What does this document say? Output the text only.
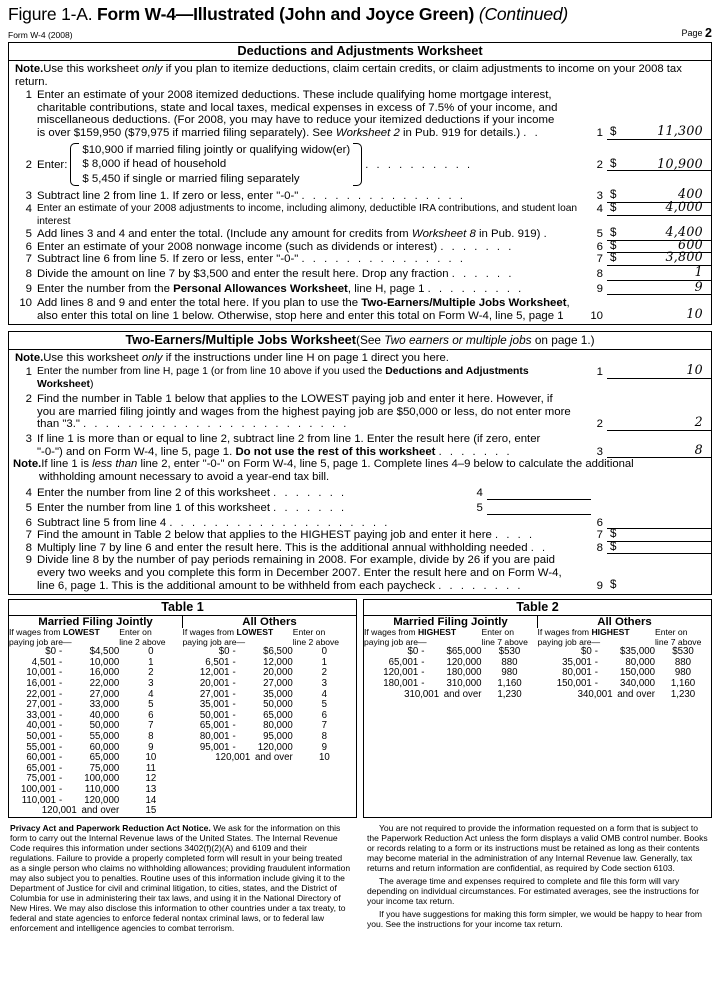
Figure 1-A. Form W-4—Illustrated (John and Joyce Green) (Continued)
Form W-4 (2008)	Page 2
Deductions and Adjustments Worksheet
Note.Use this worksheet only if you plan to itemize deductions, claim certain credits, or claim adjustments to income on your 2008 tax return.
1 Enter an estimate of your 2008 itemized deductions. These include qualifying home mortgage interest,
charitable contributions, state and local taxes, medical expenses in excess of 7.5% of your income, and
miscellaneous deductions. (For 2008, you may have to reduce your itemized deductions if your income
is over $159,950 ($79,975 if married filing separately). See Worksheet 2 in Pub. 919 for details.) . .	1 $	11,300
2 Enter:
$10,900 if married filing jointly or qualifying widow(er)
$ 8,000 if head of household
$ 5,450 if single or married filing separately
. . . . . . . . . .	2 $	10,900
3 Subtract line 2 from line 1. If zero or less, enter "-0-" . . . . . . . . . . . . . . .	3 $	400
4 Enter an estimate of your 2008 adjustments to income, including alimony, deductible IRA contributions, and student loan interest
4 $	4,000
5 Add lines 3 and 4 and enter the total. (Include any amount for credits from Worksheet 8 in Pub. 919) .	5 $	4,400
6 Enter an estimate of your 2008 nonwage income (such as dividends or interest) . . . . . . .	6 $	600
7 Subtract line 6 from line 5. If zero or less, enter "-0-" . . . . . . . . . . . . . . .	7 $	3,800
8 Divide the amount on line 7 by $3,500 and enter the result here. Drop any fraction . . . . . .	8	1
9 Enter the number from the Personal Allowances Worksheet, line H, page 1 . . . . . . . . .	9	9
10 Add lines 8 and 9 and enter the total here. If you plan to use the Two-Earners/Multiple Jobs Worksheet,
also enter this total on line 1 below. Otherwise, stop here and enter this total on Form W-4, line 5, page 1	10	10
Two-Earners/Multiple Jobs Worksheet(See Two earners or multiple jobs on page 1.)
Note.Use this worksheet only if the instructions under line H on page 1 direct you here.
1 Enter the number from line H, page 1 (or from line 10 above if you used the Deductions and Adjustments Worksheet)
1	10
2 Find the number in Table 1 below that applies to the LOWEST paying job and enter it here. However, if
you are married filing jointly and wages from the highest paying job are $50,000 or less, do not enter more
than "3." . . . . . . . . . . . . . . . . . . . . . . . .	2	2
3 If line 1 is more than or equal to line 2, subtract line 2 from line 1. Enter the result here (if zero, enter
"-0-") and on Form W-4, line 5, page 1. Do not use the rest of this worksheet . . . . . . .	3	8
Note.If line 1 is less than line 2, enter "-0-" on Form W-4, line 5, page 1. Complete lines 4–9 below to calculate the additional
withholding amount necessary to avoid a year-end tax bill.
4 Enter the number from line 2 of this worksheet . . . . . . .	4
5 Enter the number from line 1 of this worksheet . . . . . . .	5
6 Subtract line 5 from line 4 . . . . . . . . . . . . . . . . . . . .	6
7 Find the amount in Table 2 below that applies to the HIGHEST paying job and enter it here . . . .	7 $
8 Multiply line 7 by line 6 and enter the result here. This is the additional annual withholding needed . .	8 $
9 Divide line 8 by the number of pay periods remaining in 2008. For example, divide by 26 if you are paid
every two weeks and you complete this form in December 2007. Enter the result here and on Form W-4,
line 6, page 1. This is the additional amount to be withheld from each paycheck . . . . . . . .	9 $
Table 1
Married Filing Jointly		All Others	
If wages from LOWEST paying job are—	Enter on
line 2 above	If wages from LOWEST paying job are—	Enter on
line 2 above
$0 - $4,500	0	$0 - $6,500	0
4,501 - 10,000	1	6,501 - 12,000	1
10,001 - 16,000	2	12,001 - 20,000	2
16,001 - 22,000	3	20,001 - 27,000	3
22,001 - 27,000	4	27,001 - 35,000	4
27,001 - 33,000	5	35,001 - 50,000	5
33,001 - 40,000	6	50,001 - 65,000	6
40,001 - 50,000	7	65,001 - 80,000	7
50,001 - 55,000	8	80,001 - 95,000	8
55,001 - 60,000	9	95,001 - 120,000	9
60,001 - 65,000	10	120,001 and over	10
65,001 - 75,000	11		
75,001 - 100,000	12		
100,001 - 110,000	13		
110,001 - 120,000	14		
120,001 and over	15		
Table 2
Married Filing Jointly		All Others	
If wages from HIGHEST paying job are—	Enter on
line 7 above	If wages from HIGHEST paying job are—	Enter on
line 7 above
$0 - $65,000	$530	$0 - $35,000	$530
65,001 - 120,000	880	35,001 - 80,000	880
120,001 - 180,000	980	80,001 - 150,000	980
180,001 - 310,000	1,160	150,001 - 340,000	1,160
310,001 and over	1,230	340,001 and over	1,230

Privacy Act and Paperwork Reduction Act Notice. We ask for the information on this form to carry out the Internal Revenue laws of the United States. The Internal Revenue Code requires this information under sections 3402(f)(2)(A) and 6109 and their regulations. Failure to provide a properly completed form will result in your being treated as a single person who claims no withholding allowances; providing fraudulent information may also subject you to penalties. Routine uses of this information include giving it to the Department of Justice for civil and criminal litigation, to cities, states, and the District of Columbia for use in administering their tax laws, and using it in the National Directory of New Hires. We may also disclose this information to other countries under a tax treaty, to federal and state agencies to enforce federal nontax criminal laws, or to federal law enforcement and intelligence agencies to combat terrorism.

You are not required to provide the information requested on a form that is subject to the Paperwork Reduction Act unless the form displays a valid OMB control number. Books or records relating to a form or its instructions must be retained as long as their contents may become material in the administration of any Internal Revenue law. Generally, tax returns and return information are confidential, as required by Code section 6103.

The average time and expenses required to complete and file this form will vary depending on individual circumstances. For estimated averages, see the instructions for your income tax return.

If you have suggestions for making this form simpler, we would be happy to hear from you. See the instructions for your income tax return.
